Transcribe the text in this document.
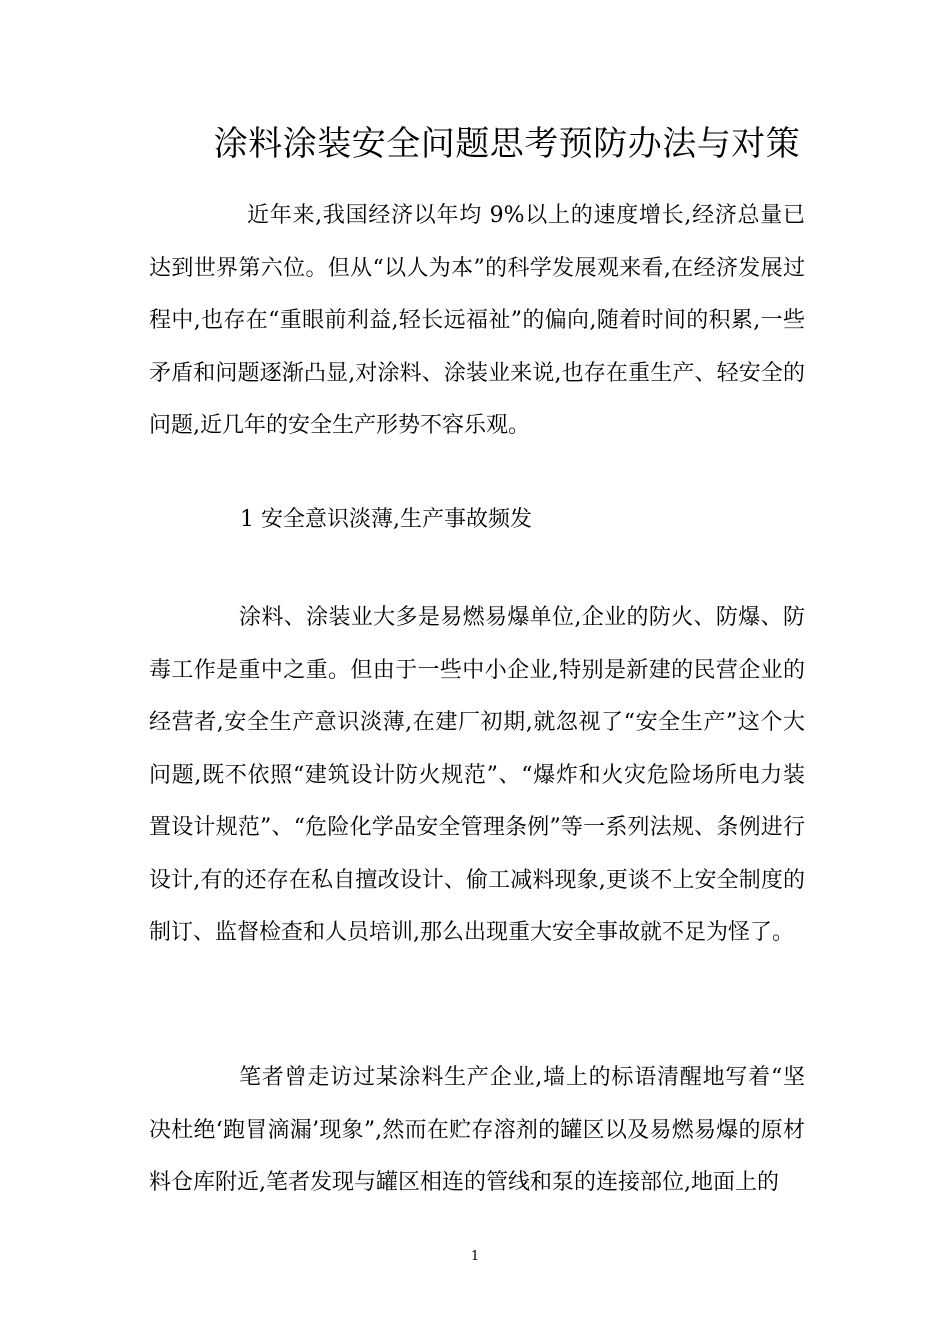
涂料涂装安全问题思考预防办法与对策

近年来,我国经济以年均 9%以上的速度增长,经济总量已达到世界第六位。但从“以人为本”的科学发展观来看,在经济发展过程中,也存在“重眼前利益,轻长远福祉”的偏向,随着时间的积累,一些矛盾和问题逐渐凸显,对涂料、涂装业来说,也存在重生产、轻安全的问题,近几年的安全生产形势不容乐观。

1 安全意识淡薄,生产事故频发

涂料、涂装业大多是易燃易爆单位,企业的防火、防爆、防毒工作是重中之重。但由于一些中小企业,特别是新建的民营企业的经营者,安全生产意识淡薄,在建厂初期,就忽视了“安全生产”这个大问题,既不依照“建筑设计防火规范”、“爆炸和火灾危险场所电力装置设计规范”、“危险化学品安全管理条例”等一系列法规、条例进行设计,有的还存在私自擅改设计、偷工减料现象,更谈不上安全制度的制订、监督检查和人员培训,那么出现重大安全事故就不足为怪了。

笔者曾走访过某涂料生产企业,墙上的标语清醒地写着“坚决杜绝‘跑冒滴漏’现象”,然而在贮存溶剂的罐区以及易燃易爆的原材料仓库附近,笔者发现与罐区相连的管线和泵的连接部位,地面上的

1
